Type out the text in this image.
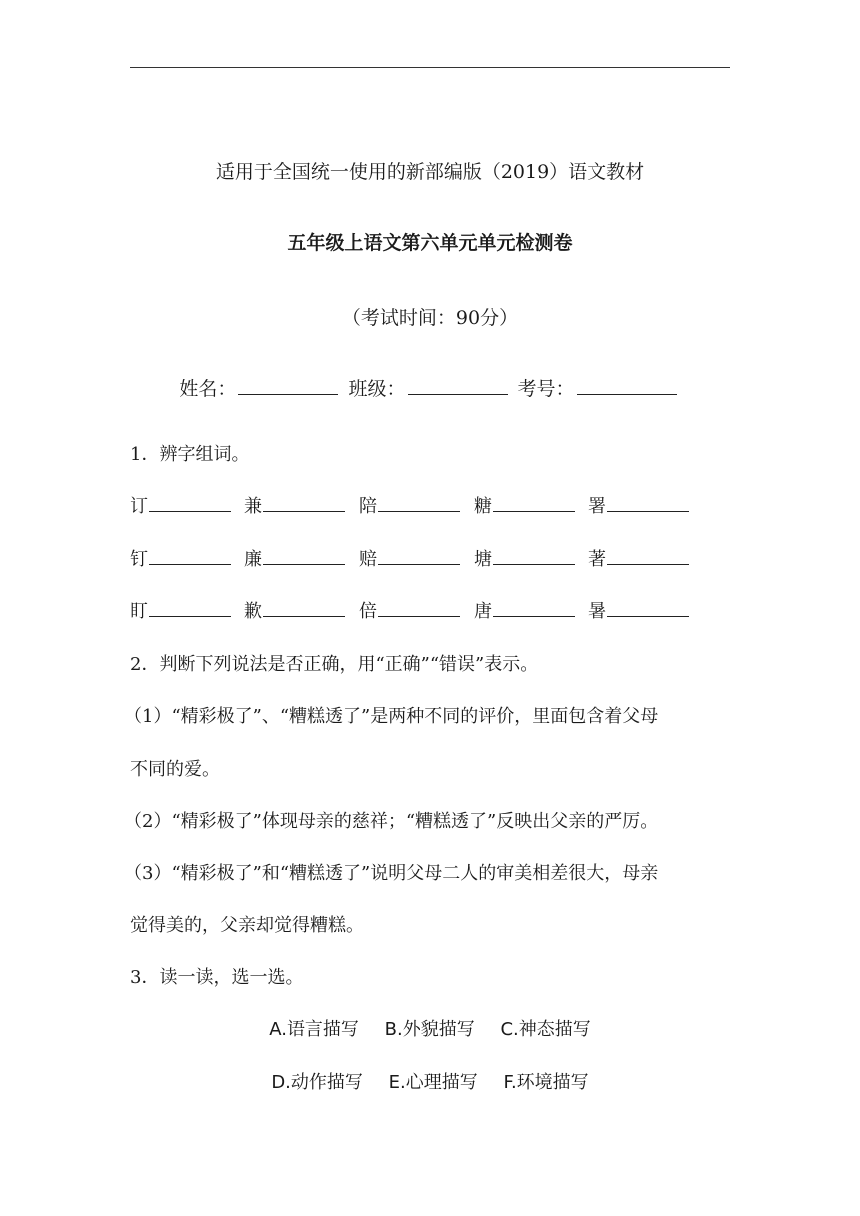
适用于全国统一使用的新部编版（2019）语文教材
五年级上语文第六单元单元检测卷
（考试时间：90分）
姓名：	班级：	考号：
1．辨字组词。
订	兼	陪	糖	署
钉	廉	赔	塘	著
盯	歉	倍	唐	暑
2．判断下列说法是否正确，用“正确”“错误”表示。
（1）“精彩极了”、“糟糕透了”是两种不同的评价，里面包含着父母
不同的爱。
（2）“精彩极了”体现母亲的慈祥；“糟糕透了”反映出父亲的严厉。
（3）“精彩极了”和“糟糕透了”说明父母二人的审美相差很大，母亲
觉得美的，父亲却觉得糟糕。
3．读一读，选一选。
A.语言描写 B.外貌描写 C.神态描写
D.动作描写 E.心理描写 F.环境描写
